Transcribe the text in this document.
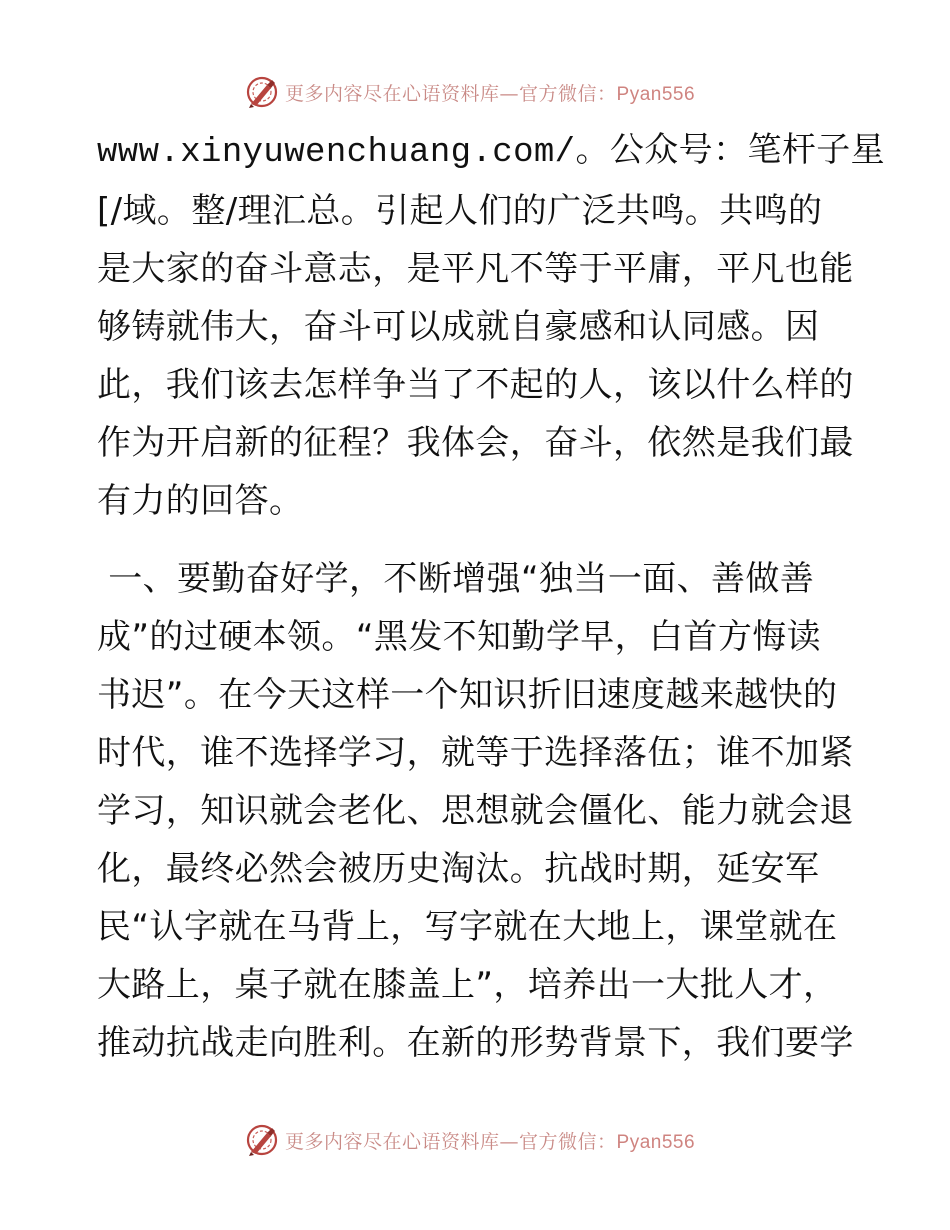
更多内容尽在心语资料库—官方微信：Pyan556
www.xinyuwenchuang.com/。公众号：笔杆子星
[/域。整/理汇总。引起人们的广泛共鸣。共鸣的
是大家的奋斗意志，是平凡不等于平庸，平凡也能
够铸就伟大，奋斗可以成就自豪感和认同感。因
此，我们该去怎样争当了不起的人，该以什么样的
作为开启新的征程？我体会，奋斗，依然是我们最
有力的回答。
一、要勤奋好学，不断增强“独当一面、善做善
成”的过硬本领。“黑发不知勤学早，白首方悔读
书迟”。在今天这样一个知识折旧速度越来越快的
时代，谁不选择学习，就等于选择落伍；谁不加紧
学习，知识就会老化、思想就会僵化、能力就会退
化，最终必然会被历史淘汰。抗战时期，延安军
民“认字就在马背上，写字就在大地上，课堂就在
大路上，桌子就在膝盖上”，培养出一大批人才，
推动抗战走向胜利。在新的形势背景下，我们要学
更多内容尽在心语资料库—官方微信：Pyan556
